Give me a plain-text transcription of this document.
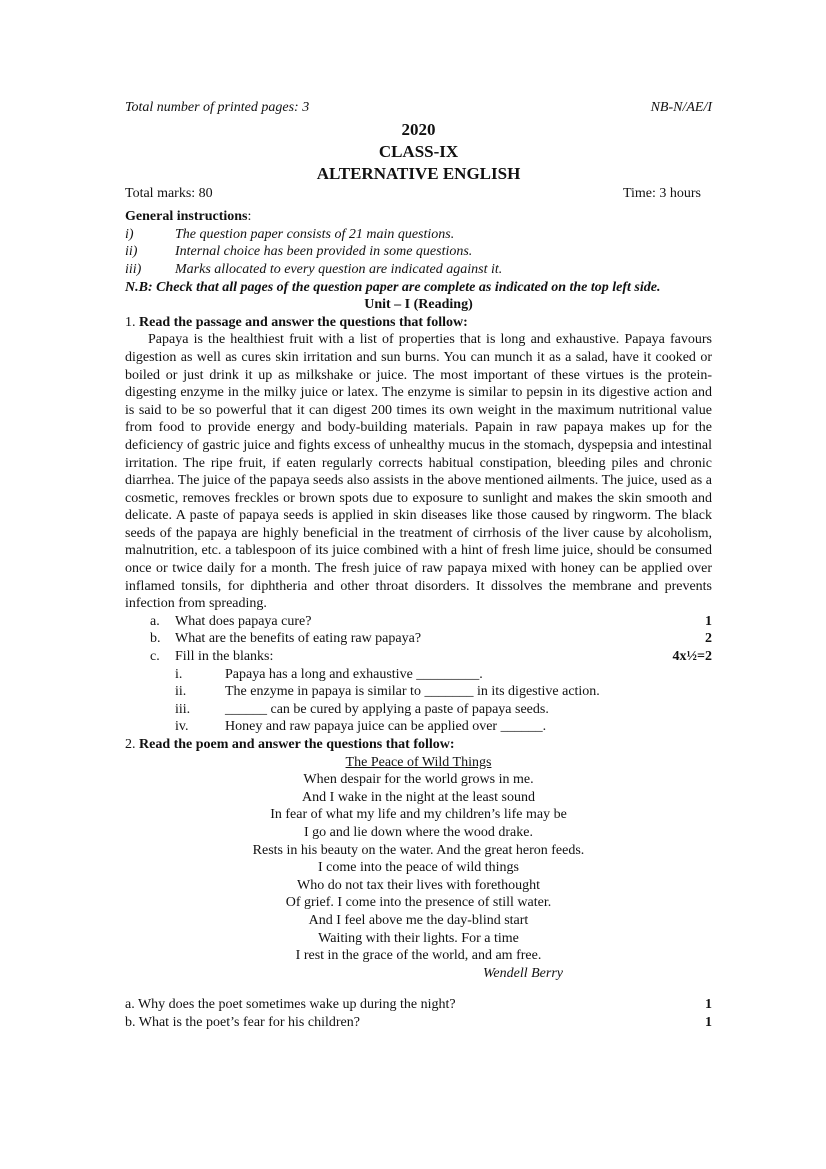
Total number of printed pages: 3	NB-N/AE/I
2020
CLASS-IX
ALTERNATIVE ENGLISH
Total marks: 80	Time: 3 hours
General instructions:
i)	The question paper consists of 21 main questions.
ii)	Internal choice has been provided in some questions.
iii)	Marks allocated to every question are indicated against it.
N.B: Check that all pages of the question paper are complete as indicated on the top left side.
Unit – I (Reading)
1. Read the passage and answer the questions that follow:

Papaya is the healthiest fruit with a list of properties that is long and exhaustive. Papaya favours digestion as well as cures skin irritation and sun burns. You can munch it as a salad, have it cooked or boiled or just drink it up as milkshake or juice. The most important of these virtues is the protein-digesting enzyme in the milky juice or latex. The enzyme is similar to pepsin in its digestive action and is said to be so powerful that it can digest 200 times its own weight in the maximum nutritional value from food to provide energy and body-building materials. Papain in raw papaya makes up for the deficiency of gastric juice and fights excess of unhealthy mucus in the stomach, dyspepsia and intestinal irritation. The ripe fruit, if eaten regularly corrects habitual constipation, bleeding piles and chronic diarrhea. The juice of the papaya seeds also assists in the above mentioned ailments. The juice, used as a cosmetic, removes freckles or brown spots due to exposure to sunlight and makes the skin smooth and delicate. A paste of papaya seeds is applied in skin diseases like those caused by ringworm. The black seeds of the papaya are highly beneficial in the treatment of cirrhosis of the liver cause by alcoholism, malnutrition, etc. a tablespoon of its juice combined with a hint of fresh lime juice, should be consumed once or twice daily for a month. The fresh juice of raw papaya mixed with honey can be applied over inflamed tonsils, for diphtheria and other throat disorders. It dissolves the membrane and prevents infection from spreading.

a.	What does papaya cure?	1
b.	What are the benefits of eating raw papaya?	2
c.	Fill in the blanks:	4x½=2
i.	Papaya has a long and exhaustive _________.
ii.	The enzyme in papaya is similar to _______ in its digestive action.
iii.	______ can be cured by applying a paste of papaya seeds.
iv.	Honey and raw papaya juice can be applied over ______.
2. Read the poem and answer the questions that follow:
The Peace of Wild Things
When despair for the world grows in me.
And I wake in the night at the least sound
In fear of what my life and my children’s life may be
I go and lie down where the wood drake.
Rests in his beauty on the water. And the great heron feeds.
I come into the peace of wild things
Who do not tax their lives with forethought
Of grief. I come into the presence of still water.
And I feel above me the day-blind start
Waiting with their lights. For a time
I rest in the grace of the world, and am free.
Wendell Berry
a. Why does the poet sometimes wake up during the night?	1
b. What is the poet’s fear for his children?	1
